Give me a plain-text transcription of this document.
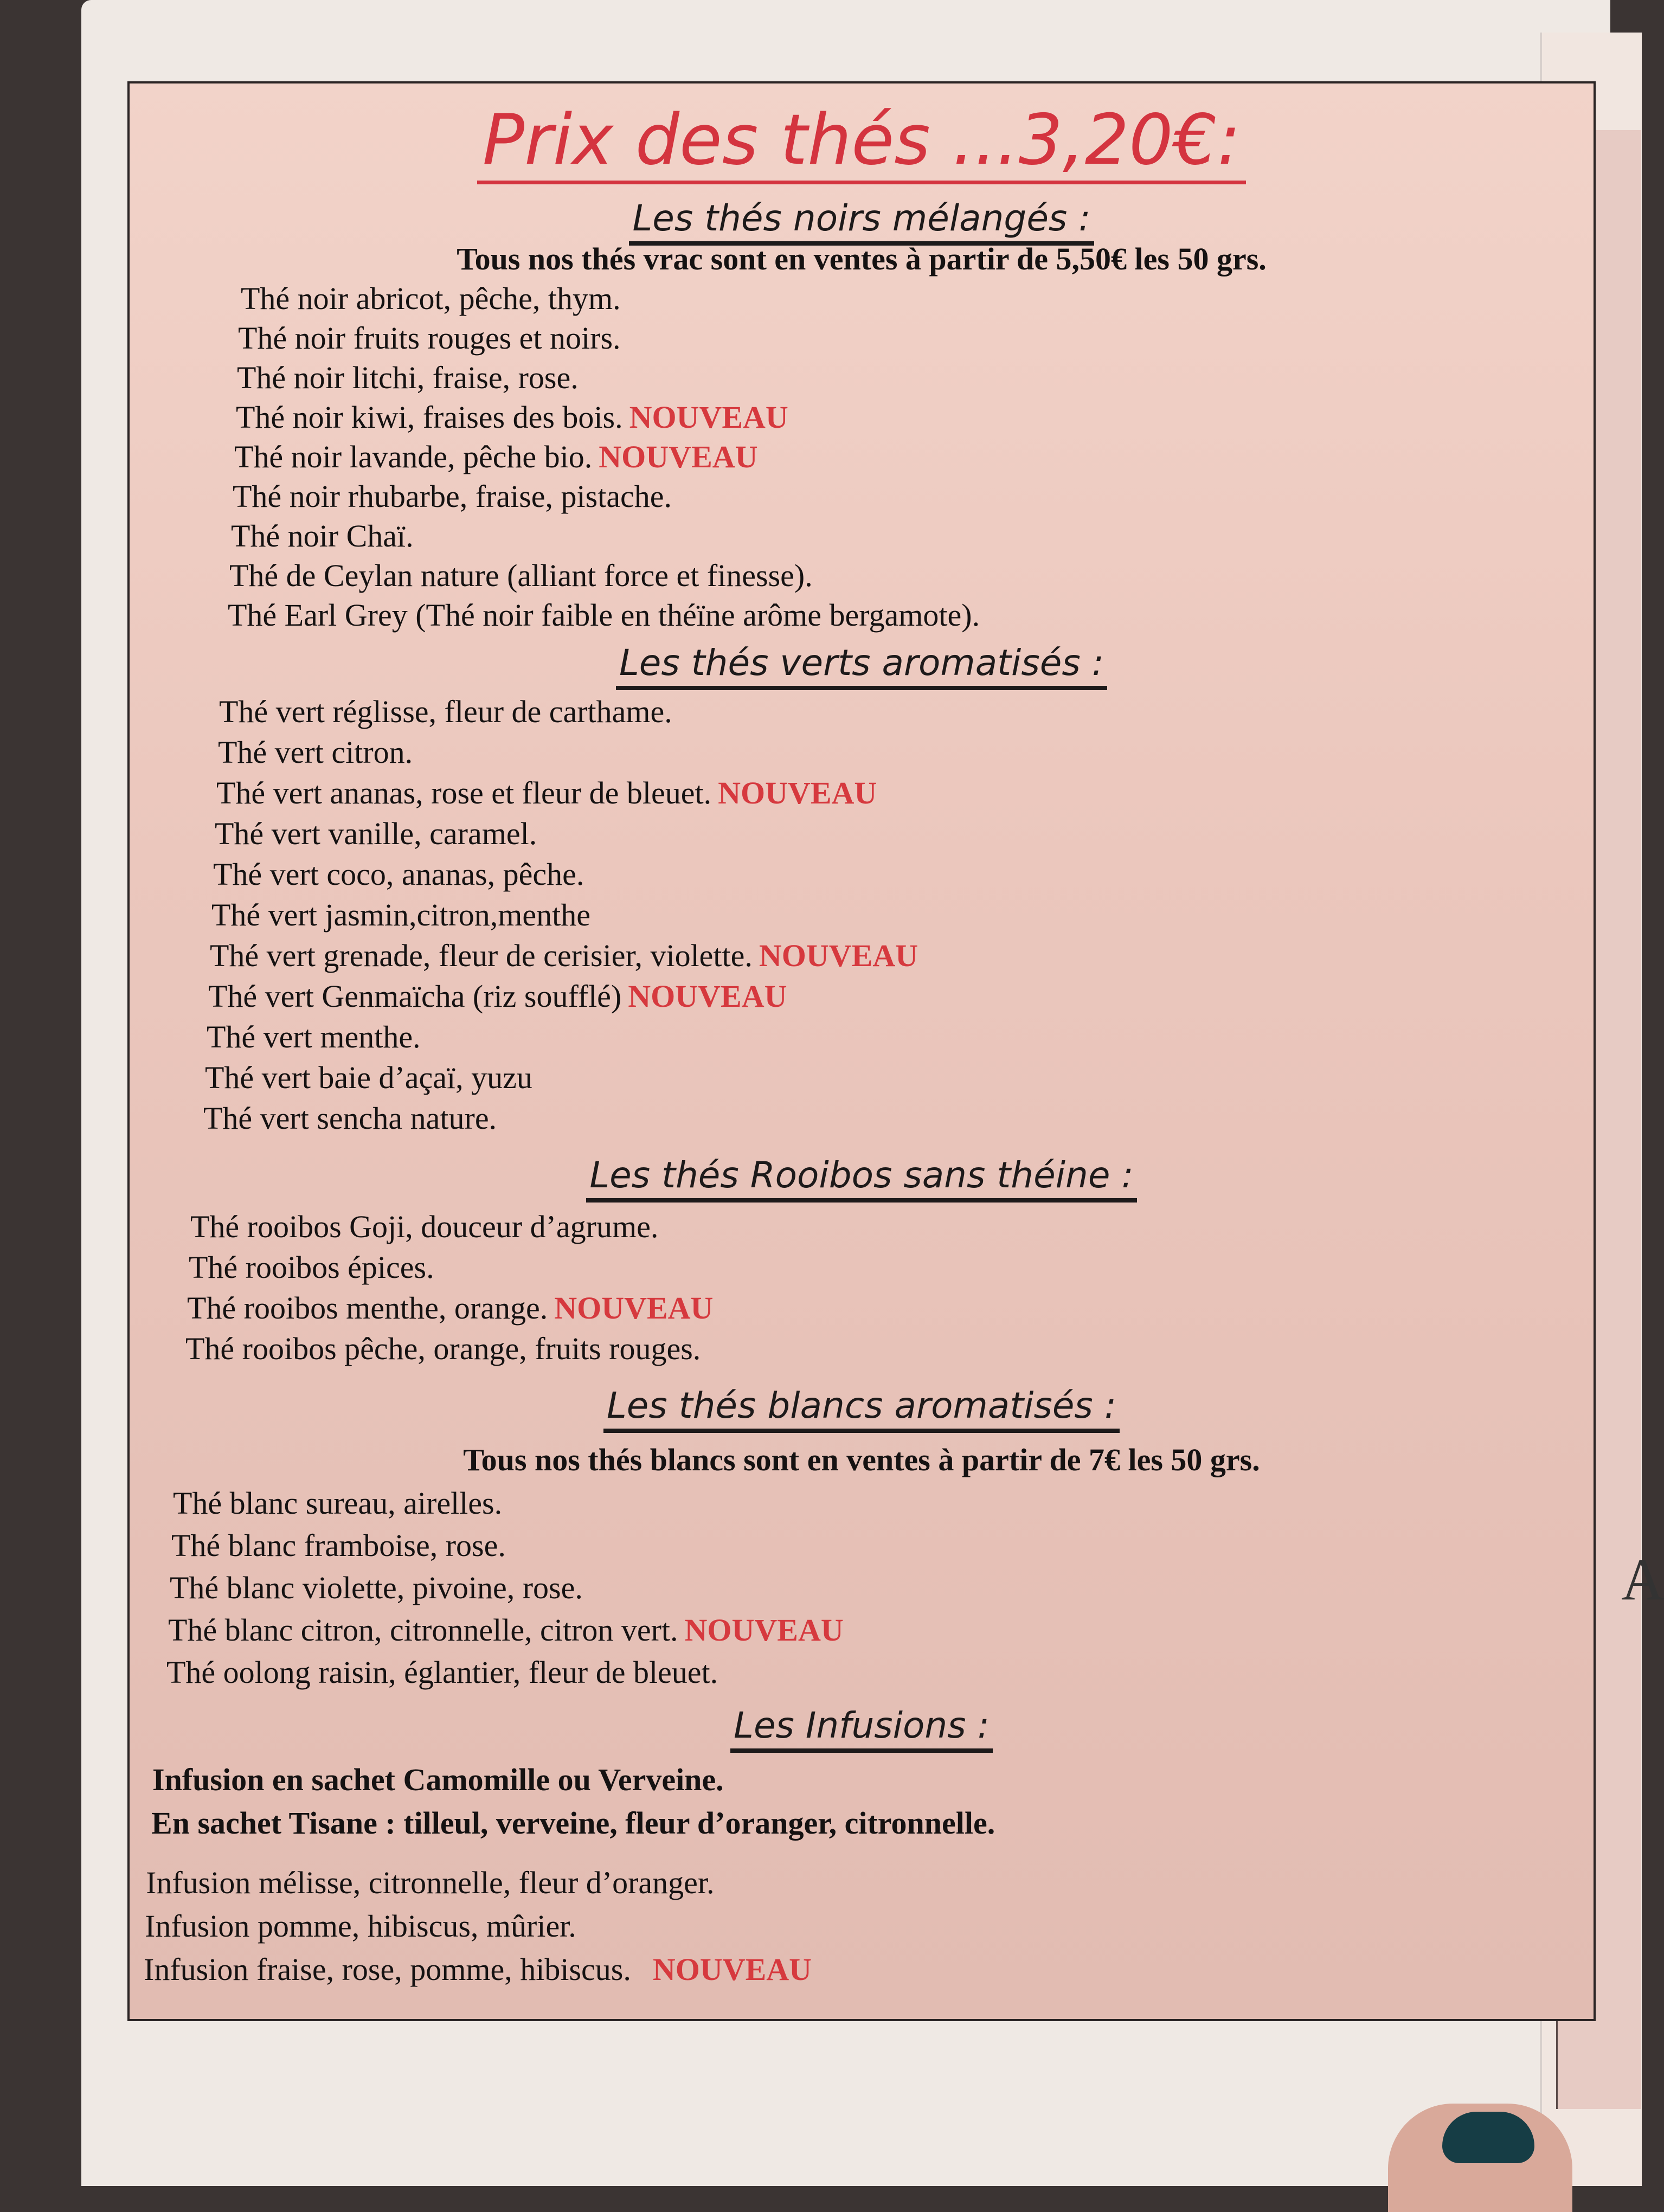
A
Prix des thés ...3,20€:
Les thés noirs mélangés :
Tous nos thés vrac sont en ventes à partir de 5,50€ les 50 grs.
Thé noir abricot, pêche, thym.
Thé noir fruits rouges et noirs.
Thé noir litchi, fraise, rose.
Thé noir kiwi, fraises des bois. NOUVEAU
Thé noir lavande, pêche bio. NOUVEAU
Thé noir rhubarbe, fraise, pistache.
Thé noir Chaï.
Thé de Ceylan nature (alliant force et finesse).
Thé Earl Grey (Thé noir faible en théïne arôme bergamote).
Les thés verts aromatisés :
Thé vert réglisse, fleur de carthame.
Thé vert citron.
Thé vert ananas, rose et fleur de bleuet. NOUVEAU
Thé vert vanille, caramel.
Thé vert coco, ananas, pêche.
Thé vert jasmin,citron,menthe
Thé vert grenade, fleur de cerisier, violette. NOUVEAU
Thé vert Genmaïcha (riz soufflé) NOUVEAU
Thé vert menthe.
Thé vert baie d’açaï, yuzu
Thé vert sencha nature.
Les thés Rooibos sans théine :
Thé rooibos Goji, douceur d’agrume.
Thé rooibos épices.
Thé rooibos menthe, orange. NOUVEAU
Thé rooibos pêche, orange, fruits rouges.
Les thés blancs aromatisés :
Tous nos thés blancs sont en ventes à partir de 7€ les 50 grs.
Thé blanc sureau, airelles.
Thé blanc framboise, rose.
Thé blanc violette, pivoine, rose.
Thé blanc citron, citronnelle, citron vert. NOUVEAU
Thé oolong raisin, églantier, fleur de bleuet.
Les Infusions :
Infusion en sachet Camomille ou Verveine.
En sachet Tisane : tilleul, verveine, fleur d’oranger, citronnelle.
Infusion mélisse, citronnelle, fleur d’oranger.
Infusion pomme, hibiscus, mûrier.
Infusion fraise, rose, pomme, hibiscus. NOUVEAU
